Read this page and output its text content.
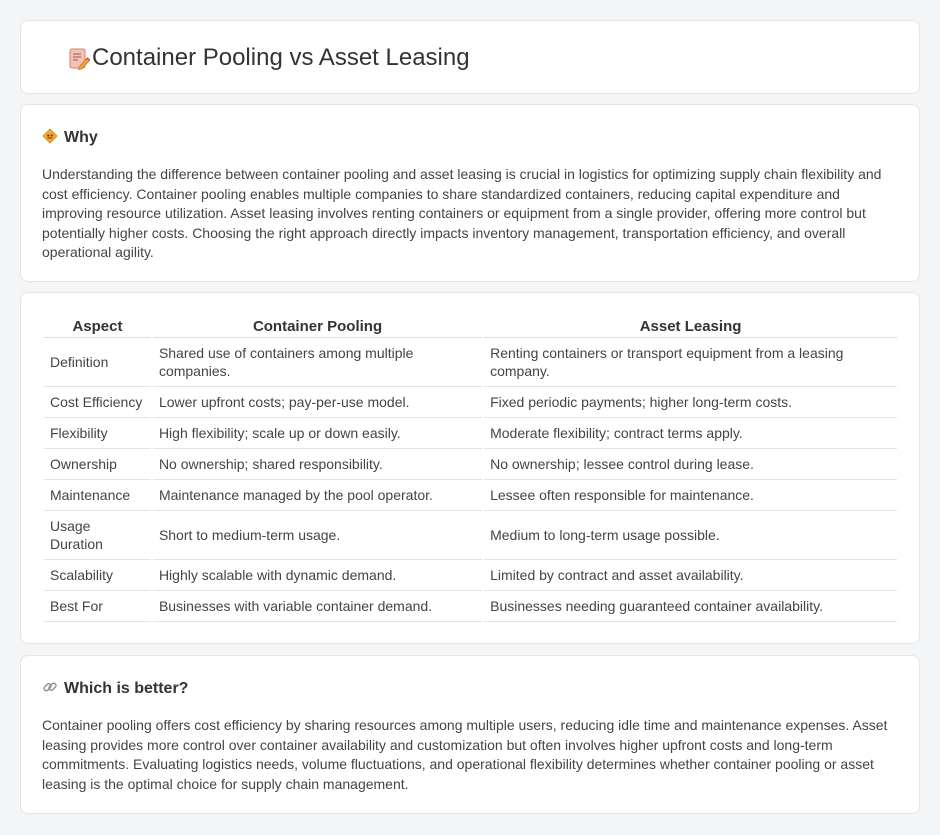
Container Pooling vs Asset Leasing
Why

Understanding the difference between container pooling and asset leasing is crucial in logistics for optimizing supply chain flexibility and cost efficiency. Container pooling enables multiple companies to share standardized containers, reducing capital expenditure and improving resource utilization. Asset leasing involves renting containers or equipment from a single provider, offering more control but potentially higher costs. Choosing the right approach directly impacts inventory management, transportation efficiency, and overall operational agility.

Aspect	Container Pooling	Asset Leasing
Definition	Shared use of containers among multiple companies.	Renting containers or transport equipment from a leasing company.
Cost Efficiency	Lower upfront costs; pay-per-use model.	Fixed periodic payments; higher long-term costs.
Flexibility	High flexibility; scale up or down easily.	Moderate flexibility; contract terms apply.
Ownership	No ownership; shared responsibility.	No ownership; lessee control during lease.
Maintenance	Maintenance managed by the pool operator.	Lessee often responsible for maintenance.
Usage Duration	Short to medium-term usage.	Medium to long-term usage possible.
Scalability	Highly scalable with dynamic demand.	Limited by contract and asset availability.
Best For	Businesses with variable container demand.	Businesses needing guaranteed container availability.
Which is better?

Container pooling offers cost efficiency by sharing resources among multiple users, reducing idle time and maintenance expenses. Asset leasing provides more control over container availability and customization but often involves higher upfront costs and long-term commitments. Evaluating logistics needs, volume fluctuations, and operational flexibility determines whether container pooling or asset leasing is the optimal choice for supply chain management.
